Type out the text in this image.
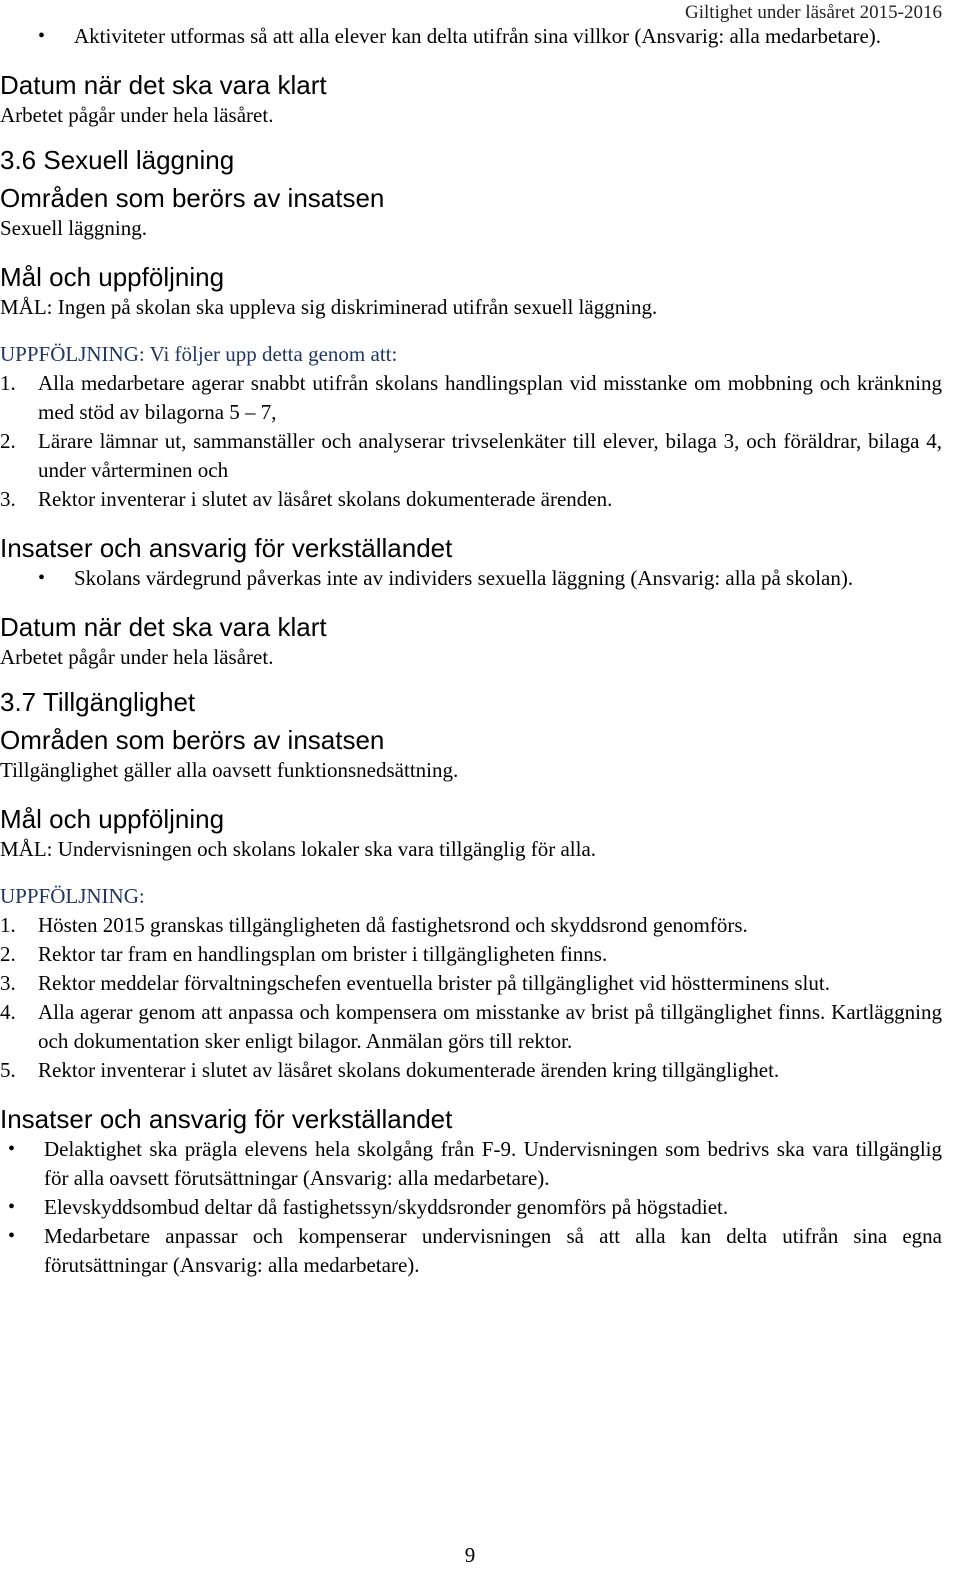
Giltighet under läsåret 2015-2016
•	Aktiviteter utformas så att alla elever kan delta utifrån sina villkor (Ansvarig: alla medarbetare).

Datum när det ska vara klart

Arbetet pågår under hela läsåret.

3.6 Sexuell läggning

Områden som berörs av insatsen

Sexuell läggning.

Mål och uppföljning

MÅL: Ingen på skolan ska uppleva sig diskriminerad utifrån sexuell läggning.

UPPFÖLJNING: Vi följer upp detta genom att:

1.	Alla medarbetare agerar snabbt utifrån skolans handlingsplan vid misstanke om mobbning och kränkning med stöd av bilagorna 5 – 7,
2.	Lärare lämnar ut, sammanställer och analyserar trivselenkäter till elever, bilaga 3, och föräldrar, bilaga 4, under vårterminen och
3.	Rektor inventerar i slutet av läsåret skolans dokumenterade ärenden.

Insatser och ansvarig för verkställandet

•	Skolans värdegrund påverkas inte av individers sexuella läggning (Ansvarig: alla på skolan).

Datum när det ska vara klart

Arbetet pågår under hela läsåret.

3.7 Tillgänglighet

Områden som berörs av insatsen

Tillgänglighet gäller alla oavsett funktionsnedsättning.

Mål och uppföljning

MÅL: Undervisningen och skolans lokaler ska vara tillgänglig för alla.

UPPFÖLJNING:

1.	Hösten 2015 granskas tillgängligheten då fastighetsrond och skyddsrond genomförs.
2.	Rektor tar fram en handlingsplan om brister i tillgängligheten finns.
3.	Rektor meddelar förvaltningschefen eventuella brister på tillgänglighet vid höstterminens slut.
4.	Alla agerar genom att anpassa och kompensera om misstanke av brist på tillgänglighet finns. Kartläggning och dokumentation sker enligt bilagor. Anmälan görs till rektor.
5.	Rektor inventerar i slutet av läsåret skolans dokumenterade ärenden kring tillgänglighet.

Insatser och ansvarig för verkställandet

•	Delaktighet ska prägla elevens hela skolgång från F-9. Undervisningen som bedrivs ska vara tillgänglig för alla oavsett förutsättningar (Ansvarig: alla medarbetare).
•	Elevskyddsombud deltar då fastighetssyn/skyddsronder genomförs på högstadiet.
•	Medarbetare anpassar och kompenserar undervisningen så att alla kan delta utifrån sina egna förutsättningar (Ansvarig: alla medarbetare).
9
